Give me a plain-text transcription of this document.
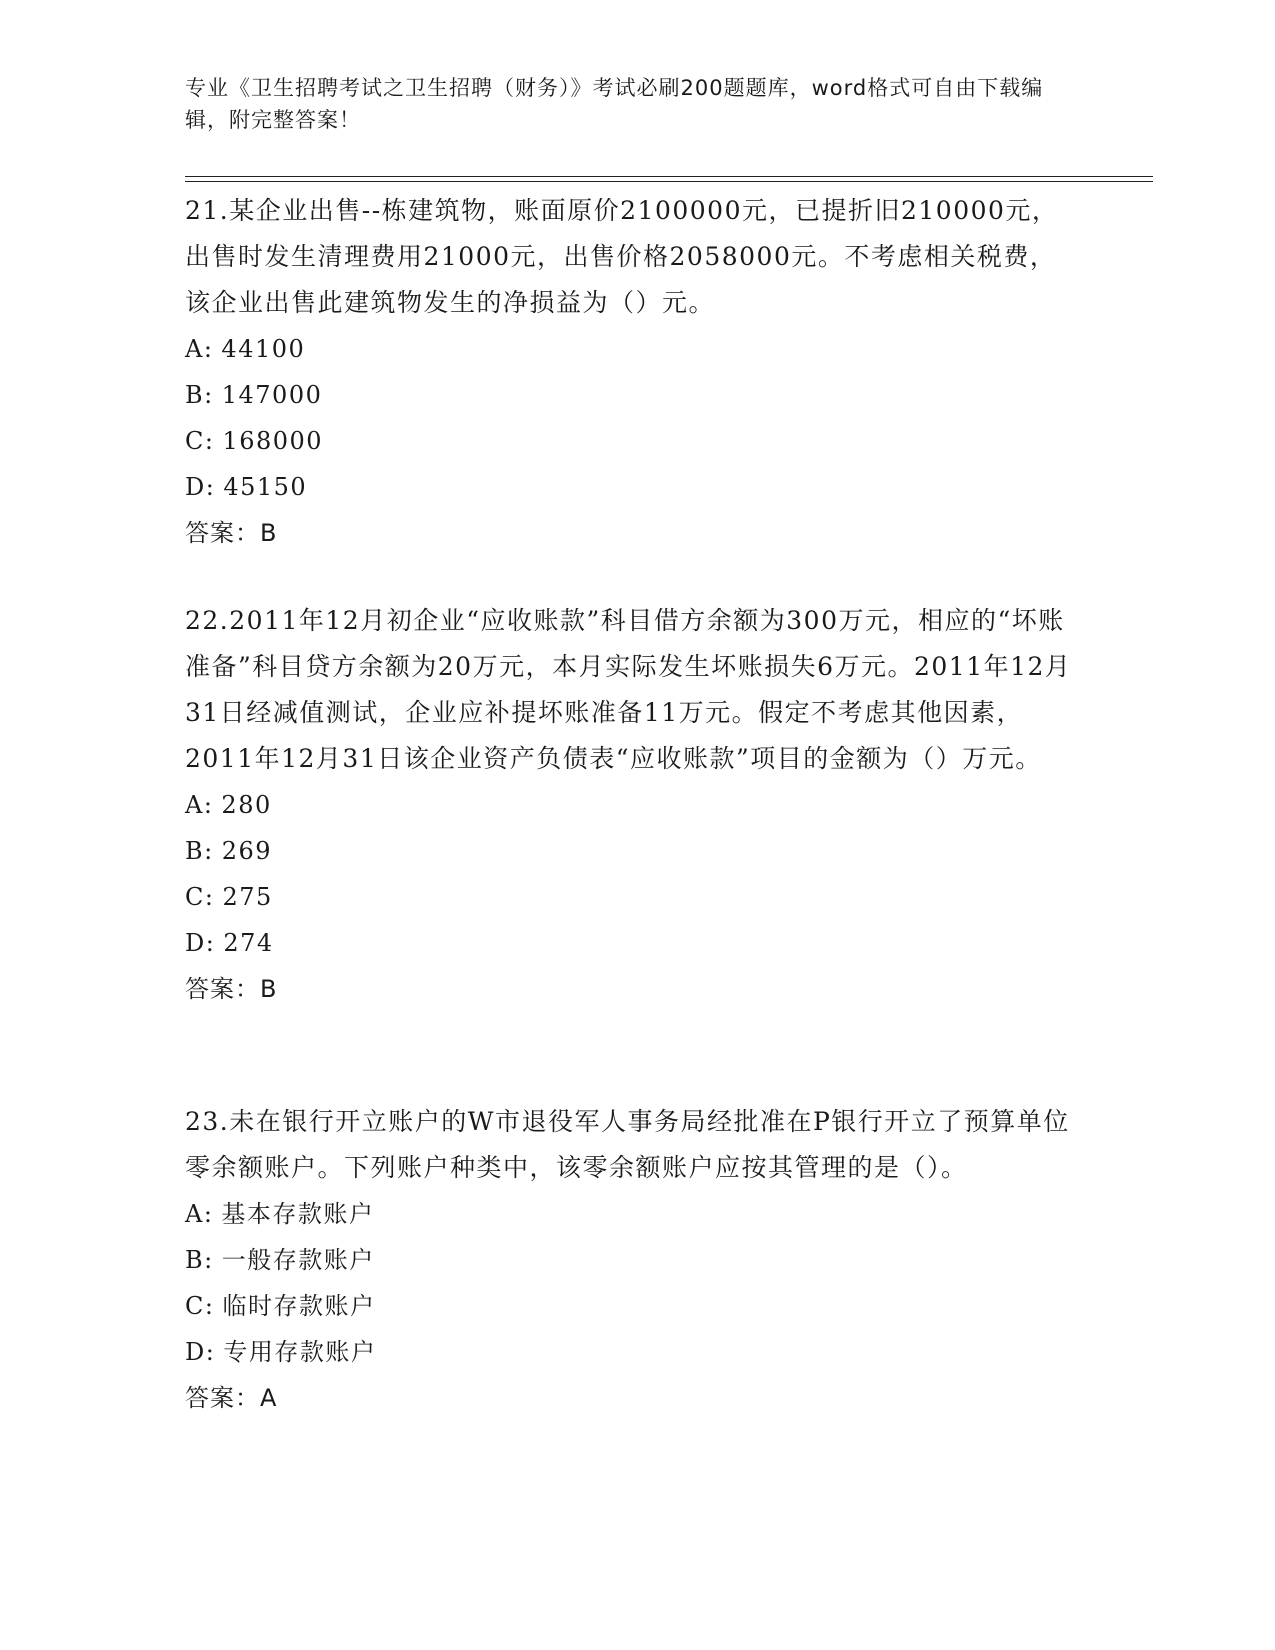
专业《卫生招聘考试之卫生招聘（财务）》考试必刷200题题库，word格式可自由下载编辑，附完整答案！

21.某企业出售--栋建筑物，账面原价2100000元，已提折旧210000元，出售时发生清理费用21000元，出售价格2058000元。不考虑相关税费，该企业出售此建筑物发生的净损益为（）元。

A: 44100
B: 147000
C: 168000
D: 45150
答案：B

22.2011年12月初企业“应收账款”科目借方余额为300万元，相应的“坏账准备”科目贷方余额为20万元，本月实际发生坏账损失6万元。2011年12月31日经减值测试，企业应补提坏账准备11万元。假定不考虑其他因素，2011年12月31日该企业资产负债表“应收账款”项目的金额为（）万元。

A: 280
B: 269
C: 275
D: 274
答案：B

23.未在银行开立账户的W市退役军人事务局经批准在P银行开立了预算单位零余额账户。下列账户种类中，该零余额账户应按其管理的是（）。

A: 基本存款账户
B: 一般存款账户
C: 临时存款账户
D: 专用存款账户
答案：A
